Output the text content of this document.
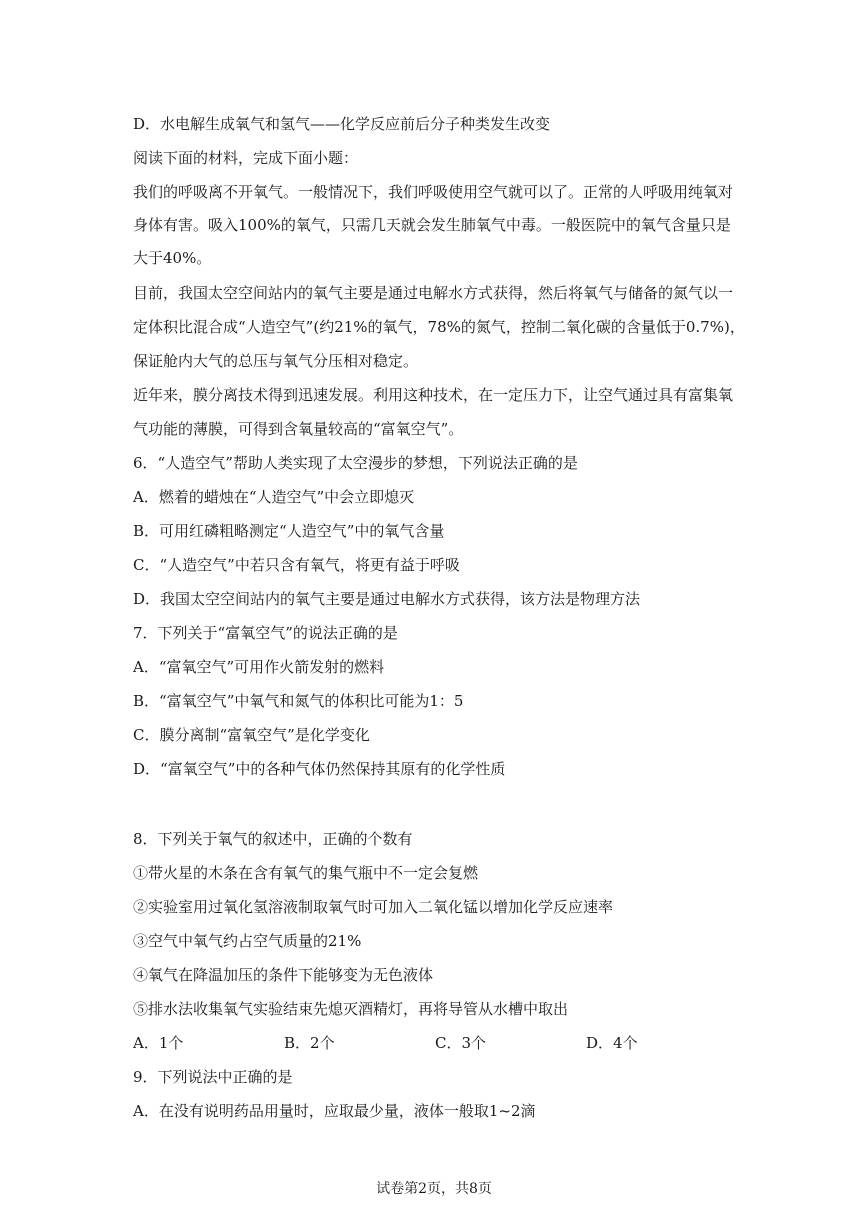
D．水电解生成氧气和氢气——化学反应前后分子种类发生改变
阅读下面的材料，完成下面小题：
我们的呼吸离不开氧气。一般情况下，我们呼吸使用空气就可以了。正常的人呼吸用纯氧对
身体有害。吸入100%的氧气，只需几天就会发生肺氧气中毒。一般医院中的氧气含量只是
大于40%。
目前，我国太空空间站内的氧气主要是通过电解水方式获得，然后将氧气与储备的氮气以一
定体积比混合成“人造空气”(约21%的氧气，78%的氮气，控制二氧化碳的含量低于0.7%)，
保证舱内大气的总压与氧气分压相对稳定。
近年来，膜分离技术得到迅速发展。利用这种技术，在一定压力下，让空气通过具有富集氧
气功能的薄膜，可得到含氧量较高的“富氧空气”。
6．“人造空气”帮助人类实现了太空漫步的梦想，下列说法正确的是
A．燃着的蜡烛在“人造空气”中会立即熄灭
B．可用红磷粗略测定“人造空气”中的氧气含量
C．“人造空气”中若只含有氧气，将更有益于呼吸
D．我国太空空间站内的氧气主要是通过电解水方式获得，该方法是物理方法
7．下列关于“富氧空气”的说法正确的是
A．“富氧空气”可用作火箭发射的燃料
B．“富氧空气”中氧气和氮气的体积比可能为1：5
C．膜分离制“富氧空气”是化学变化
D．“富氧空气”中的各种气体仍然保持其原有的化学性质
8．下列关于氧气的叙述中，正确的个数有
①带火星的木条在含有氧气的集气瓶中不一定会复燃
②实验室用过氧化氢溶液制取氧气时可加入二氧化锰以增加化学反应速率
③空气中氧气约占空气质量的21%
④氧气在降温加压的条件下能够变为无色液体
⑤排水法收集氧气实验结束先熄灭酒精灯，再将导管从水槽中取出
A．1个	B．2个	C．3个	D．4个
9．下列说法中正确的是
A．在没有说明药品用量时，应取最少量，液体一般取1~2滴
试卷第2页，共8页
